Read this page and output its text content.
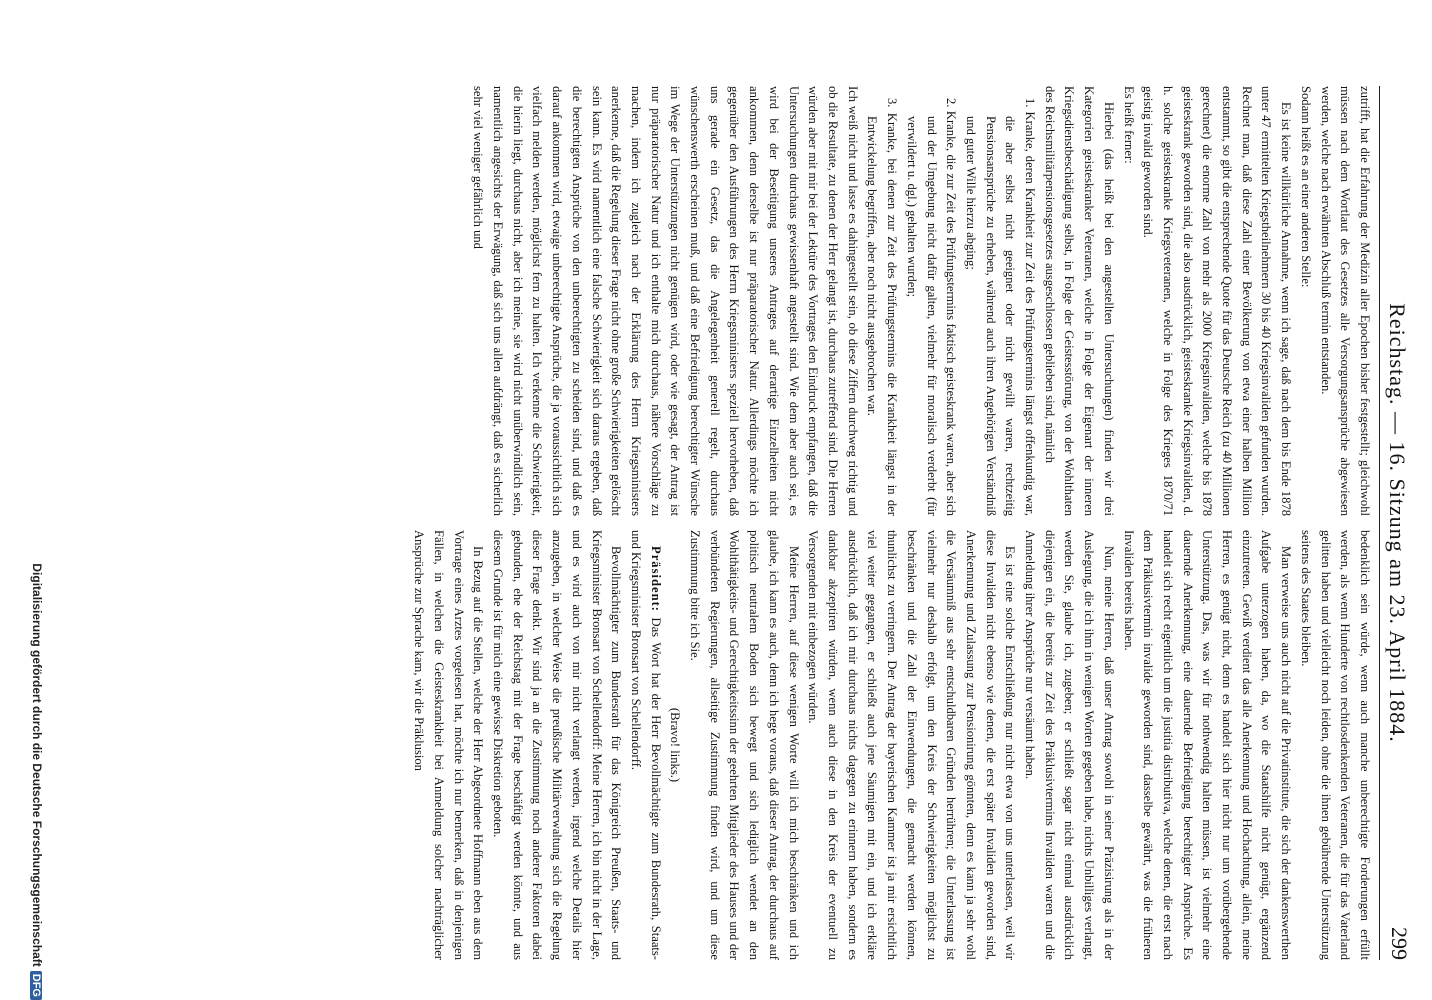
Reichstag. — 16. Sitzung am 23. April 1884.
299

zutrifft, hat die Erfahrung der Medizin aller Epochen bisher festgestellt; gleichwohl müssen nach dem Wortlaut des Gesetzes alle Versorgungsansprüche abgewiesen werden, welche nach erwähnten Abschluß termin entstanden.

Sodann heißt es an einer anderen Stelle:

Es ist keine willkürliche Annahme, wenn ich sage, daß nach dem bis Ende 1878 unter 47 ermittelten Kriegstheilnehmern 30 bis 40 Kriegsinvaliden gefunden wurden. Rechnet man, daß diese Zahl einer Bevölkerung von etwa einer halben Million entstammt, so gibt die entsprechende Quote für das Deutsche Reich (zu 40 Millionen gerechnet) die enorme Zahl von mehr als 2000 Kriegsinvaliden, welche bis 1878 geisteskrank geworden sind, die also ausdrücklich, geisteskranke Kriegsinvaliden, d. h. solche geisteskranke Kriegsveteranen, welche in Folge des Krieges 1870/71 geistig invalid geworden sind.

Es heißt ferner:

Hierbei (das heißt bei den angestellten Untersuchungen) finden wir drei Kategorien geisteskranker Veteranen, welche in Folge der Eigenart der inneren Kriegsdienstbeschädigung selbst, in Folge der Geistesstörung, von der Wohlthaten des Reichsmilitärpensionsgesetzes ausgeschlossen geblieben sind, nämlich

1. Kranke, deren Krankheit zur Zeit des Prüfungstermins längst offenkundig war, die aber selbst nicht geeignet oder nicht gewillt waren, rechtzeitig Pensionsansprüche zu erheben, während auch ihren Angehörigen Verständniß und guter Wille hierzu abging;

2. Kranke, die zur Zeit des Prüfungstermins faktisch geisteskrank waren, aber sich und der Umgebung nicht dafür galten, vielmehr für moralisch verderbt (für verwildert u. dgl.) gehalten wurden;

3. Kranke, bei denen zur Zeit des Prüfungstermins die Krankheit längst in der Entwickelung begriffen, aber noch nicht ausgebrochen war.

Ich weiß nicht und lasse es dahingestellt sein, ob diese Ziffern durchweg richtig und ob die Resultate, zu denen der Herr gelangt ist, durchaus zutreffend sind. Die Herren würden aber mit mir bei der Lektüre des Vortrages den Eindruck empfangen, daß die Untersuchungen durchaus gewissenhaft angestellt sind. Wie dem aber auch sei, es wird bei der Beseitigung unseres Antrages auf derartige Einzelheiten nicht ankommen, denn derselbe ist nur präparatorischer Natur. Allerdings möchte ich gegenüber den Ausführungen des Herrn Kriegsministers speziell hervorheben, daß uns gerade ein Gesetz, das die Angelegenheit generell regelt, durchaus wünschenswerth erscheinen muß, und daß eine Befriedigung berechtigter Wünsche im Wege der Unterstützungen nicht genügen wird, oder wie gesagt, der Antrag ist nur präparatorischer Natur und ich enthalte mich durchaus, nähere Vorschläge zu machen, indem ich zugleich nach der Erklärung des Herrn Kriegsministers anerkenne, daß die Regelung dieser Frage nicht ohne große Schwierigkeiten gelöscht sein kann. Es wird namentlich eine falsche Schwierigkeit sich daraus ergeben, daß die berechtigten Ansprüche von den unberechtigten zu scheiden sind, und daß es darauf ankommen wird, etwaige unberechtigte Ansprüche, die ja voraussichtlich sich vielfach melden werden, möglichst fern zu halten. Ich verkenne die Schwierigkeit, die hierin liegt, durchaus nicht, aber ich meine, sie wird nicht unüberwindlich sein, namentlich angesichts der Erwägung, daß sich uns allen aufdrängt, daß es sicherlich sehr viel weniger gefährlich und

bedenklich sein würde, wenn auch manche unberechtigte Forderungen erfüllt werden, als wenn Hunderte von rechtlosdenkenden Veteranen, die für das Vaterland gelitten haben und vielleicht noch leiden, ohne die ihnen gebührende Unterstützung seitens des Staates bleiben.

Man verweise uns auch nicht auf die Privatinstitute, die sich der dankenswerthen Aufgabe unterzogen haben, da, wo die Staatshilfe nicht genügt, ergänzend einzutreten. Gewiß verdient das alle Anerkennung und Hochachtung, allein, meine Herren, es genügt nicht, denn es handelt sich hier nicht nur um vorübergehende Unterstützung. Das, was wir für nothwendig halten müssen, ist vielmehr eine dauernde Anerkennung, eine dauernde Befriedigung berechtigter Ansprüche. Es handelt sich recht eigentlich um die justitia distributiva, welche denen, die erst nach dem Präklusivtermin invalide geworden sind, dasselbe gewährt, was die früheren Invaliden bereits haben.

Nun, meine Herren, daß unser Antrag sowohl in seiner Präzisirung als in der Auslegung, die ich ihm in wenigen Worten gegeben habe, nichts Unbilliges verlangt, werden Sie, glaube ich, zugeben; er schließt sogar nicht einmal ausdrücklich diejenigen ein, die bereits zur Zeit des Präklusivtermins Invaliden waren und die Anmeldung ihrer Ansprüche nur versäumt haben.

Es ist eine solche Entschließung nur nicht etwa von uns unterlassen, weil wir diese Invaliden nicht ebenso wie denen, die erst später Invaliden geworden sind, Anerkennung und Zulassung zur Pensionirung gönnten, denn es kann ja sehr wohl die Versäumniß aus sehr entschuldbaren Gründen herrühren; die Unterlassung ist vielmehr nur deshalb erfolgt, um den Kreis der Schwierigkeiten möglichst zu beschränken und die Zahl der Einwendungen, die gemacht werden können, thunlichst zu verringern. Der Antrag der bayerischen Kammer ist ja mir ersichtlich viel weiter gegangen, er schließt auch jene Säumigen mit ein, und ich erkläre ausdrücklich, daß ich mir durchaus nichts dagegen zu erinnern haben, sondern es dankbar akzeptiren würden, wenn auch diese in den Kreis der eventuell zu Versorgenden mit einbezogen würden.

Meine Herren, auf diese wenigen Worte will ich mich beschränken und ich glaube, ich kann es auch, denn ich hege voraus, daß dieser Antrag, der durchaus auf politisch neutralem Boden sich bewegt und sich lediglich wendet an den Wohlthätigkeits- und Gerechtigkeitssinn der geehrten Mitglieder des Hauses und der verbündeten Regierungen, allseitige Zustimmung finden wird, und um diese Zustimmung bitte ich Sie.

(Bravo! links.)

Präsident: Das Wort hat der Herr Bevollmächtigte zum Bundesrath, Staats- und Kriegsminister Bronsart von Schellendorff.

Bevollmächtigter zum Bundesrath für das Königreich Preußen, Staats- und Kriegsminister Bronsart von Schellendorff: Meine Herren, ich bin nicht in der Lage, und es wird auch von mir nicht verlangt werden, irgend welche Details hier anzugeben, in welcher Weise die preußische Militärverwaltung sich die Regelung dieser Frage denkt. Wir sind ja an die Zustimmung noch anderer Faktoren dabei gebunden, ehe der Reichstag mit der Frage beschäftigt werden könnte, und aus diesem Grunde ist für mich eine gewisse Diskretion geboten.

In Bezug auf die Stellen, welche der Herr Abgeordnete Hoffmann eben aus dem Vortrage eines Arztes vorgelesen hat, möchte ich nur bemerken, daß in denjenigen Fällen, in welchen die Geisteskrankheit bei Anmeldung solcher nachträglicher Ansprüche zur Sprache kam, wir die Präklusion

Digitalisierung gefördert durch die Deutsche ForschungsgemeinschaftDFG
